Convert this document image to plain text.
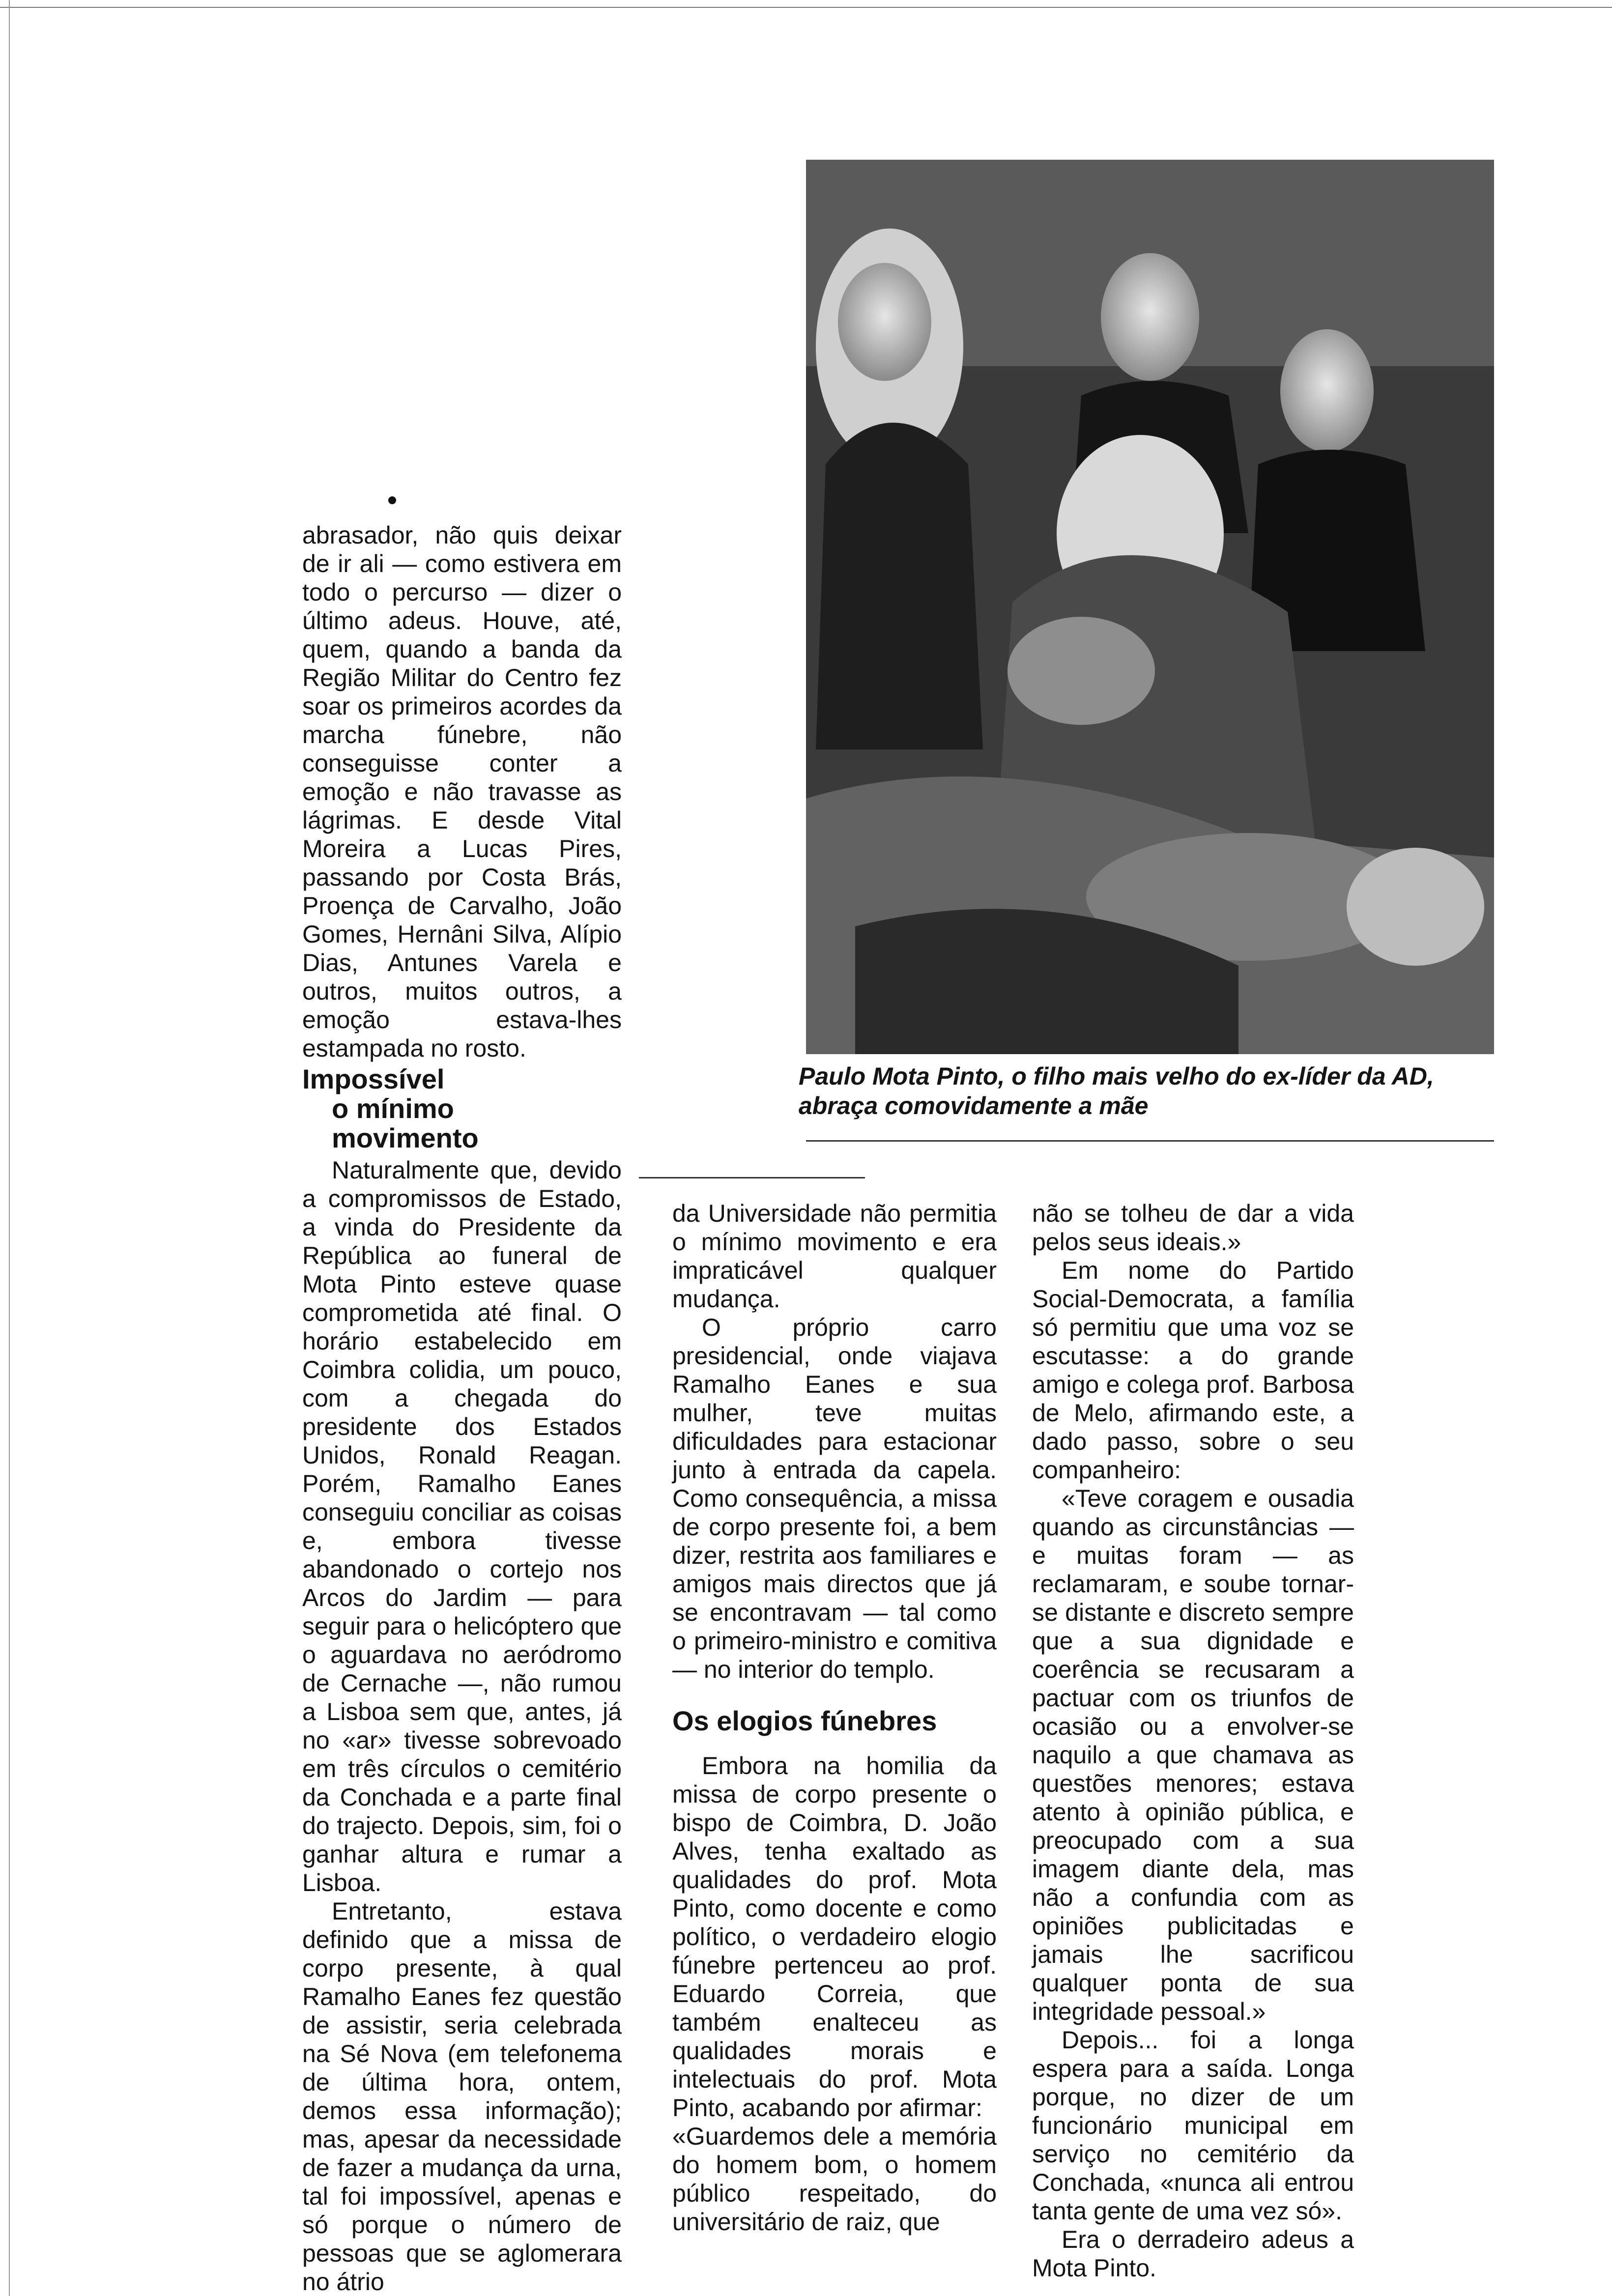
abrasador, não quis deixar de ir ali — como estivera em todo o percurso — dizer o último adeus. Houve, até, quem, quando a banda da Região Militar do Centro fez soar os primeiros acordes da marcha fúnebre, não conseguisse conter a emoção e não travasse as lágrimas. E desde Vital Moreira a Lucas Pires, passando por Costa Brás, Proença de Carvalho, João Gomes, Hernâni Silva, Alípio Dias, Antunes Varela e outros, muitos outros, a emoção estava-lhes estampada no rosto.

Impossível
o mínimo
movimento

Naturalmente que, devido a compromissos de Estado, a vinda do Presidente da República ao funeral de Mota Pinto esteve quase comprometida até final. O horário estabelecido em Coimbra colidia, um pouco, com a chegada do presidente dos Estados Unidos, Ronald Reagan. Porém, Ramalho Eanes conseguiu conciliar as coisas e, embora tivesse abandonado o cortejo nos Arcos do Jardim — para seguir para o helicóptero que o aguardava no aeródromo de Cernache —, não rumou a Lisboa sem que, antes, já no «ar» tivesse sobrevoado em três círculos o cemitério da Conchada e a parte final do trajecto. Depois, sim, foi o ganhar altura e rumar a Lisboa.

Entretanto, estava definido que a missa de corpo presente, à qual Ramalho Eanes fez questão de assistir, seria celebrada na Sé Nova (em telefonema de última hora, ontem, demos essa informação); mas, apesar da necessidade de fazer a mudança da urna, tal foi impossível, apenas e só porque o número de pessoas que se aglomerara no átrio

Paulo Mota Pinto, o filho mais velho do ex-líder da AD, abraça comovidamente a mãe

da Universidade não permitia o mínimo movimento e era impraticável qualquer mudança.

O próprio carro presidencial, onde viajava Ramalho Eanes e sua mulher, teve muitas dificuldades para estacionar junto à entrada da capela. Como consequência, a missa de corpo presente foi, a bem dizer, restrita aos familiares e amigos mais directos que já se encontravam — tal como o primeiro-ministro e comitiva — no interior do templo.

Os elogios fúnebres

Embora na homilia da missa de corpo presente o bispo de Coimbra, D. João Alves, tenha exaltado as qualidades do prof. Mota Pinto, como docente e como político, o verdadeiro elogio fúnebre pertenceu ao prof. Eduardo Correia, que também enalteceu as qualidades morais e intelectuais do prof. Mota Pinto, acabando por afirmar:

«Guardemos dele a memória do homem bom, o homem público respeitado, do universitário de raiz, que

não se tolheu de dar a vida pelos seus ideais.»

Em nome do Partido Social-Democrata, a família só permitiu que uma voz se escutasse: a do grande amigo e colega prof. Barbosa de Melo, afirmando este, a dado passo, sobre o seu companheiro:

«Teve coragem e ousadia quando as circunstâncias — e muitas foram — as reclamaram, e soube tornar-se distante e discreto sempre que a sua dignidade e coerência se recusaram a pactuar com os triunfos de ocasião ou a envolver-se naquilo a que chamava as questões menores; estava atento à opinião pública, e preocupado com a sua imagem diante dela, mas não a confundia com as opiniões publicitadas e jamais lhe sacrificou qualquer ponta de sua integridade pessoal.»

Depois... foi a longa espera para a saída. Longa porque, no dizer de um funcionário municipal em serviço no cemitério da Conchada, «nunca ali entrou tanta gente de uma vez só».

Era o derradeiro adeus a Mota Pinto.
